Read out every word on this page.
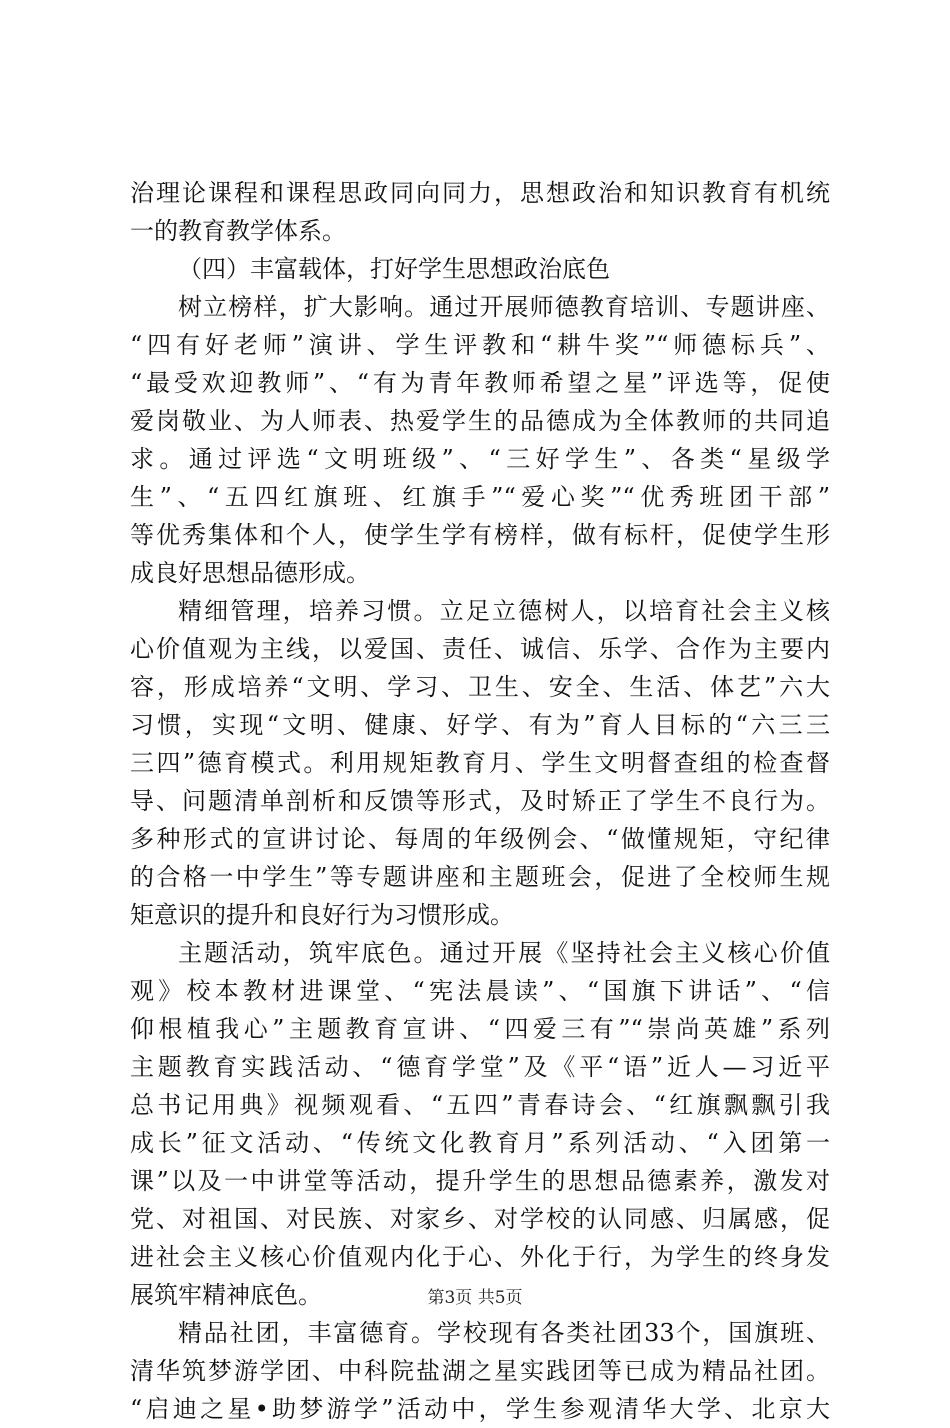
治理论课程和课程思政同向同力，思想政治和知识教育有机统
一的教育教学体系。
（四）丰富载体，打好学生思想政治底色
树立榜样，扩大影响。通过开展师德教育培训、专题讲座、
“四有好老师”演讲、学生评教和“耕牛奖”“师德标兵”、
“最受欢迎教师”、“有为青年教师希望之星”评选等，促使
爱岗敬业、为人师表、热爱学生的品德成为全体教师的共同追
求。通过评选“文明班级”、“三好学生”、各类“星级学
生”、“五四红旗班、红旗手”“爱心奖”“优秀班团干部”
等优秀集体和个人，使学生学有榜样，做有标杆，促使学生形
成良好思想品德形成。
精细管理，培养习惯。立足立德树人，以培育社会主义核
心价值观为主线，以爱国、责任、诚信、乐学、合作为主要内
容，形成培养“文明、学习、卫生、安全、生活、体艺”六大
习惯，实现“文明、健康、好学、有为”育人目标的“六三三
三四”德育模式。利用规矩教育月、学生文明督查组的检查督
导、问题清单剖析和反馈等形式，及时矫正了学生不良行为。
多种形式的宣讲讨论、每周的年级例会、“做懂规矩，守纪律
的合格一中学生”等专题讲座和主题班会，促进了全校师生规
矩意识的提升和良好行为习惯形成。
主题活动，筑牢底色。通过开展《坚持社会主义核心价值
观》校本教材进课堂、“宪法晨读”、“国旗下讲话”、“信
仰根植我心”主题教育宣讲、“四爱三有”“崇尚英雄”系列
主题教育实践活动、“德育学堂”及《平“语”近人—习近平
总书记用典》视频观看、“五四”青春诗会、“红旗飘飘引我
成长”征文活动、“传统文化教育月”系列活动、“入团第一
课”以及一中讲堂等活动，提升学生的思想品德素养，激发对
党、对祖国、对民族、对家乡、对学校的认同感、归属感，促
进社会主义核心价值观内化于心、外化于行，为学生的终身发
展筑牢精神底色。
精品社团，丰富德育。学校现有各类社团33个，国旗班、
清华筑梦游学团、中科院盐湖之星实践团等已成为精品社团。
“启迪之星•助梦游学”活动中，学生参观清华大学、北京大
第3页 共5页
